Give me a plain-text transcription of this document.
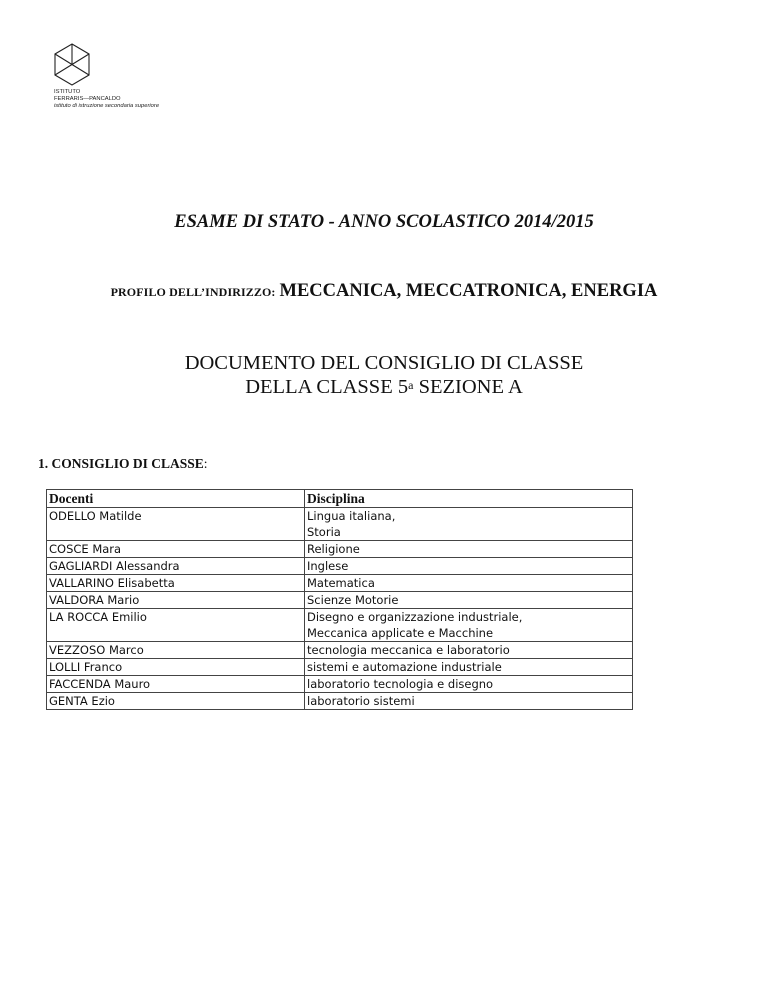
ISTITUTO
FERRARIS—PANCALDO
istituto di istruzione secondaria superiore
ESAME DI STATO - ANNO SCOLASTICO 2014/2015
PROFILO DELL’INDIRIZZO: MECCANICA, MECCATRONICA, ENERGIA
DOCUMENTO DEL CONSIGLIO DI CLASSE
DELLA CLASSE 5$^a$ SEZIONE A
1. CONSIGLIO DI CLASSE:
Docenti	Disciplina
ODELLO Matilde	Lingua italiana,
	Storia
COSCE Mara	Religione
GAGLIARDI Alessandra	Inglese
VALLARINO Elisabetta	Matematica
VALDORA Mario	Scienze Motorie
LA ROCCA Emilio	Disegno e organizzazione industriale,
	Meccanica applicate e Macchine
VEZZOSO Marco	tecnologia meccanica e laboratorio
LOLLI Franco	sistemi e automazione industriale
FACCENDA Mauro	laboratorio tecnologia e disegno
GENTA Ezio	laboratorio sistemi
